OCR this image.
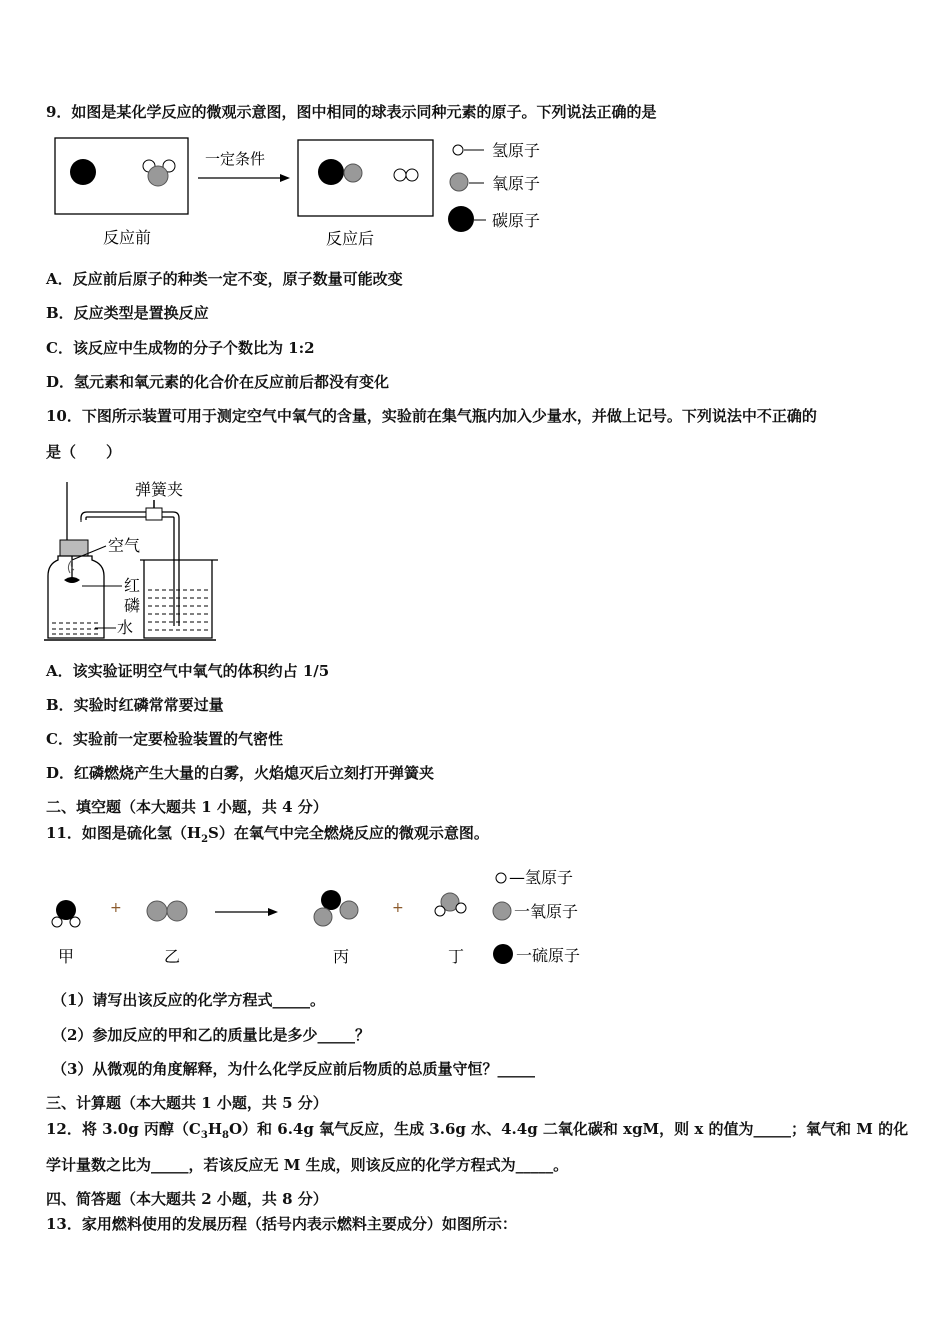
9．如图是某化学反应的微观示意图，图中相同的球表示同种元素的原子。下列说法正确的是
一定条件	氢原子
氧原子
碳原子
反应前	反应后
A．反应前后原子的种类一定不变，原子数量可能改变
B．反应类型是置换反应
C．该反应中生成物的分子个数比为 1:2
D．氢元素和氧元素的化合价在反应前后都没有变化
10．下图所示装置可用于测定空气中氧气的含量，实验前在集气瓶内加入少量水，并做上记号。下列说法中不正确的
是（　　）
弹簧夹
空气
红
磷
水
A．该实验证明空气中氧气的体积约占 1/5
B．实验时红磷常常要过量
C．实验前一定要检验装置的气密性
D．红磷燃烧产生大量的白雾，火焰熄灭后立刻打开弹簧夹
二、填空题（本大题共 1 小题，共 4 分）
11．如图是硫化氢$(H_2S)$在氧气中完全燃烧反应的微观示意图。
+	+
—氢原子
一氧原子
一硫原子
甲	乙	丙	丁
（1）请写出该反应的化学方程式_____。
（2）参加反应的甲和乙的质量比是多少_____？
（3）从微观的角度解释，为什么化学反应前后物质的总质量守恒？_____
三、计算题（本大题共 1 小题，共 5 分）
12．将 3.0g 丙醇$(C_3H_8O)$和 6.4g 氧气反应，生成 3.6g 水、4.4g 二氧化碳和 xgM，则 x 的值为_____；氧气和 M 的化
学计量数之比为_____，若该反应无 M 生成，则该反应的化学方程式为_____。
四、简答题（本大题共 2 小题，共 8 分）
13．家用燃料使用的发展历程（括号内表示燃料主要成分）如图所示：
